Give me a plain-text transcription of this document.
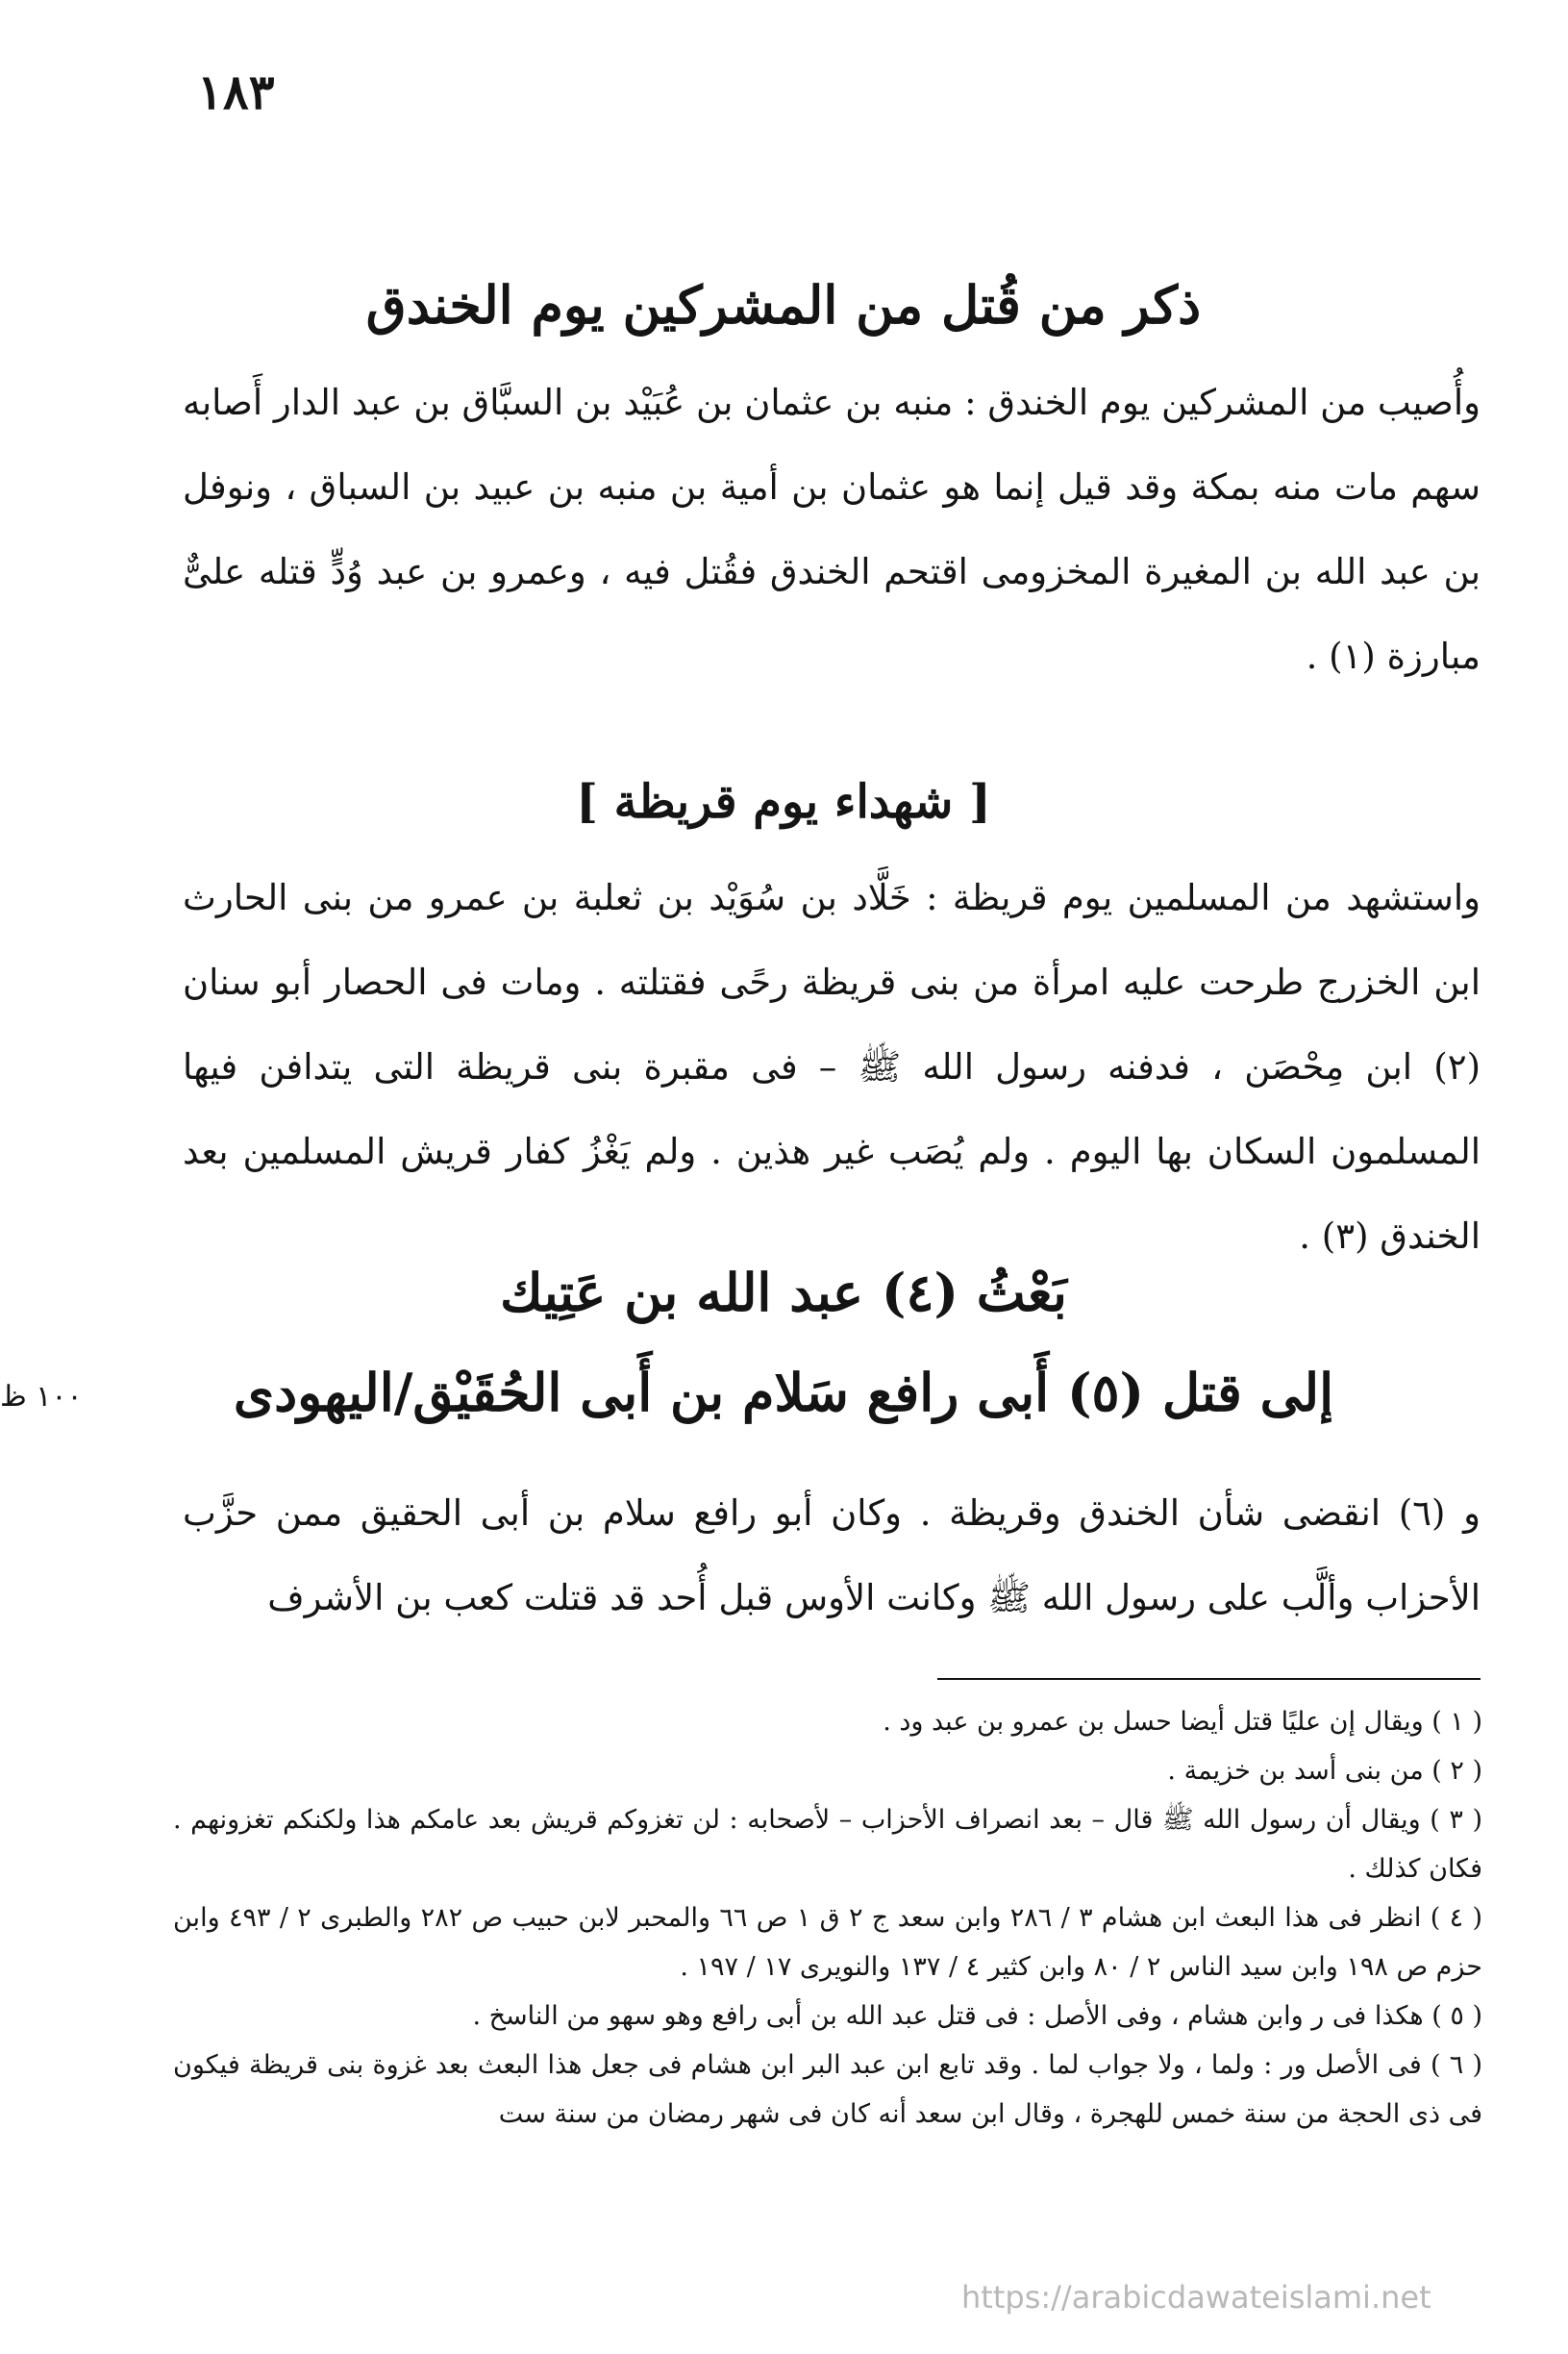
١٨٣
١٠٠ ظ
ذكر من قُتل من المشركين يوم الخندق

وأُصيب من المشركين يوم الخندق : منبه بن عثمان بن عُبَيْد بن السبَّاق بن عبد الدار أَصابه سهم مات منه بمكة وقد قيل إنما هو عثمان بن أمية بن منبه بن عبيد بن السباق ، ونوفل بن عبد الله بن المغيرة المخزومى اقتحم الخندق فقُتل فيه ، وعمرو بن عبد وُدٍّ قتله علىٌّ مبارزة (١) .

[ شهداء يوم قريظة ]

واستشهد من المسلمين يوم قريظة : خَلَّاد بن سُوَيْد بن ثعلبة بن عمرو من بنى الحارث ابن الخزرج طرحت عليه امرأة من بنى قريظة رحًى فقتلته . ومات فى الحصار أبو سنان (٢) ابن مِحْصَن ، فدفنه رسول الله ﷺ – فى مقبرة بنى قريظة التى يتدافن فيها المسلمون السكان بها اليوم . ولم يُصَب غير هذين . ولم يَغْزُ كفار قريش المسلمين بعد الخندق (٣) .

بَعْثُ (٤) عبد الله بن عَتِيك
إلى قتل (٥) أَبى رافع سَلام بن أَبى الحُقَيْق/اليهودى

و (٦) انقضى شأن الخندق وقريظة . وكان أبو رافع سلام بن أبى الحقيق ممن حزَّب الأحزاب وألَّب على رسول الله ﷺ وكانت الأوس قبل أُحد قد قتلت كعب بن الأشرف

( ١ ) ويقال إن عليًا قتل أيضا حسل بن عمرو بن عبد ود .

( ٢ ) من بنى أسد بن خزيمة .

( ٣ ) ويقال أن رسول الله ﷺ قال – بعد انصراف الأحزاب – لأصحابه : لن تغزوكم قريش بعد عامكم هذا ولكنكم تغزونهم . فكان كذلك .

( ٤ ) انظر فى هذا البعث ابن هشام ٣ / ٢٨٦ وابن سعد ج ٢ ق ١ ص ٦٦ والمحبر لابن حبيب ص ٢٨٢ والطبرى ٢ / ٤٩٣ وابن حزم ص ١٩٨ وابن سيد الناس ٢ / ٨٠ وابن كثير ٤ / ١٣٧ والنويرى ١٧ / ١٩٧ .

( ٥ ) هكذا فى ر وابن هشام ، وفى الأصل : فى قتل عبد الله بن أبى رافع وهو سهو من الناسخ .

( ٦ ) فى الأصل ور : ولما ، ولا جواب لما . وقد تابع ابن عبد البر ابن هشام فى جعل هذا البعث بعد غزوة بنى قريظة فيكون فى ذى الحجة من سنة خمس للهجرة ، وقال ابن سعد أنه كان فى شهر رمضان من سنة ست

https://arabicdawateislami.net
